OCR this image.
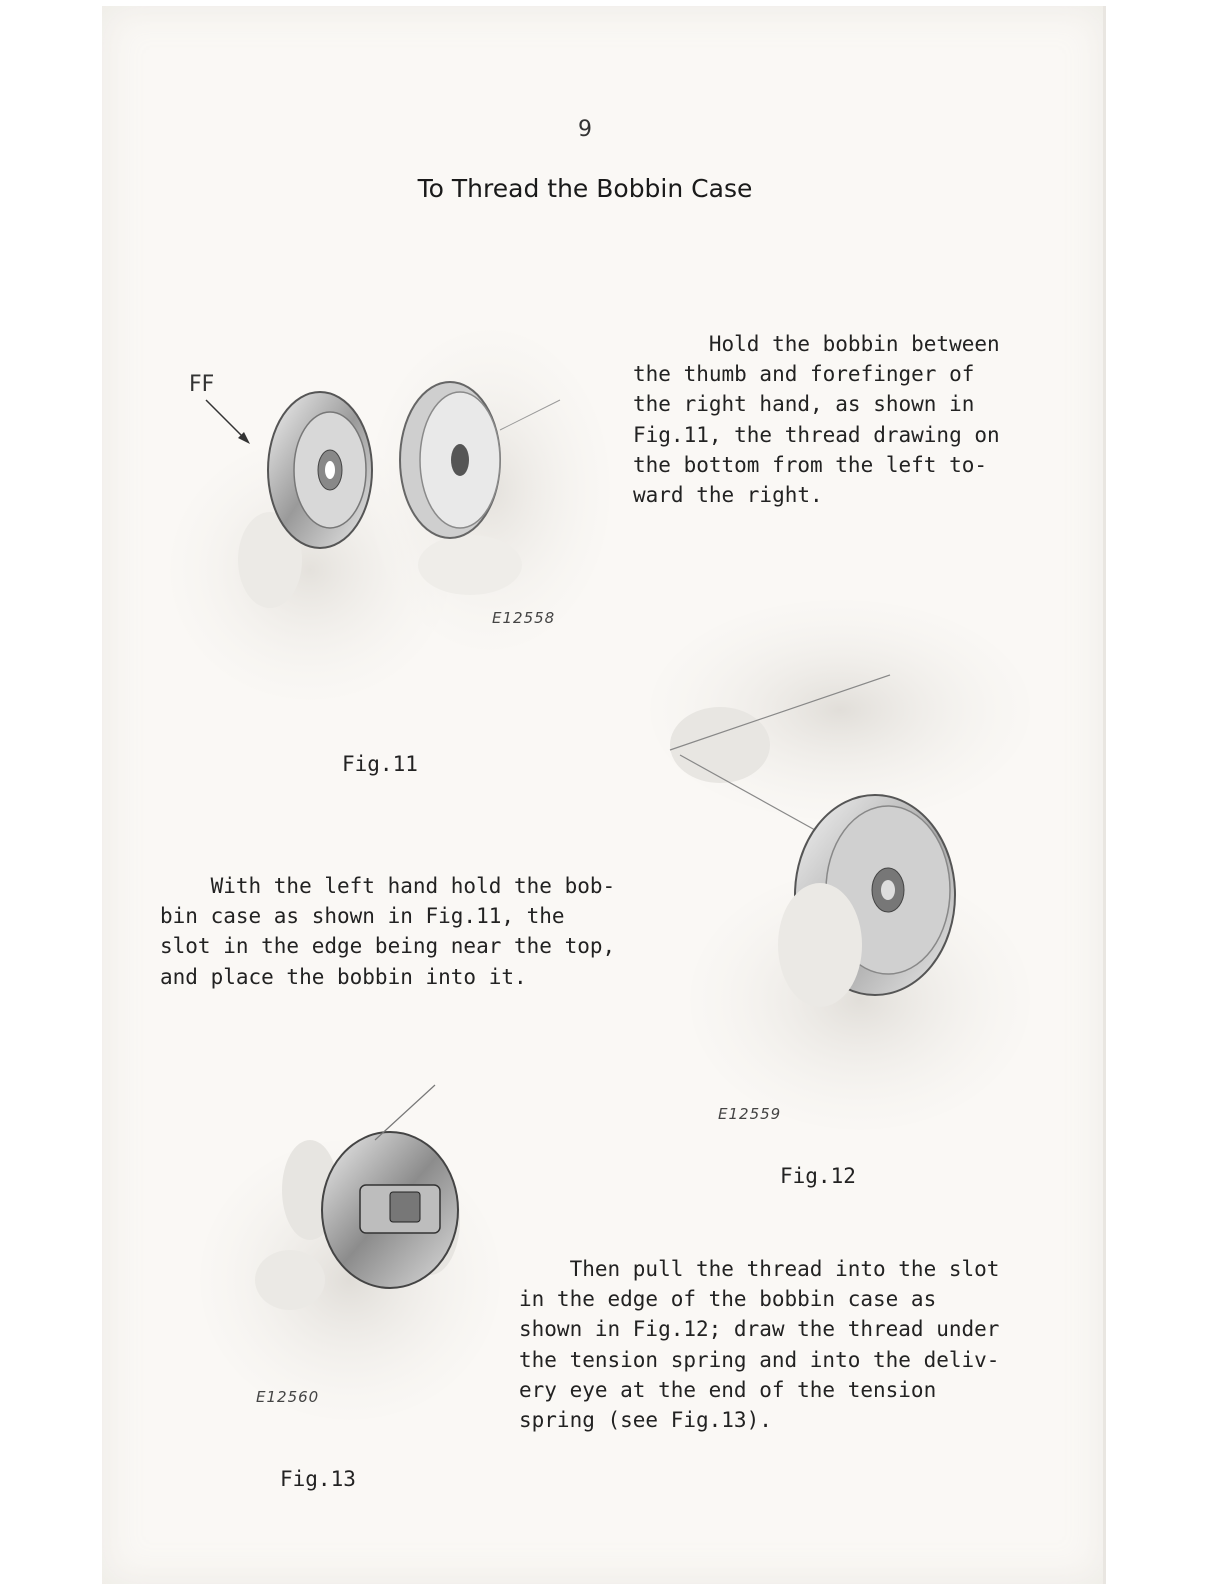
9
To Thread the Bobbin Case
FF
E12558
Fig.11
Hold the bobbin between
the thumb and forefinger of
the right hand, as shown in
Fig.11, the thread drawing on
the bottom from the left to-
ward the right.
E12559
Fig.12
With the left hand hold the bob-
bin case as shown in Fig.11, the
slot in the edge being near the top,
and place the bobbin into it.
E12560
Fig.13
Then pull the thread into the slot
in the edge of the bobbin case as
shown in Fig.12; draw the thread under
the tension spring and into the deliv-
ery eye at the end of the tension
spring (see Fig.13).
